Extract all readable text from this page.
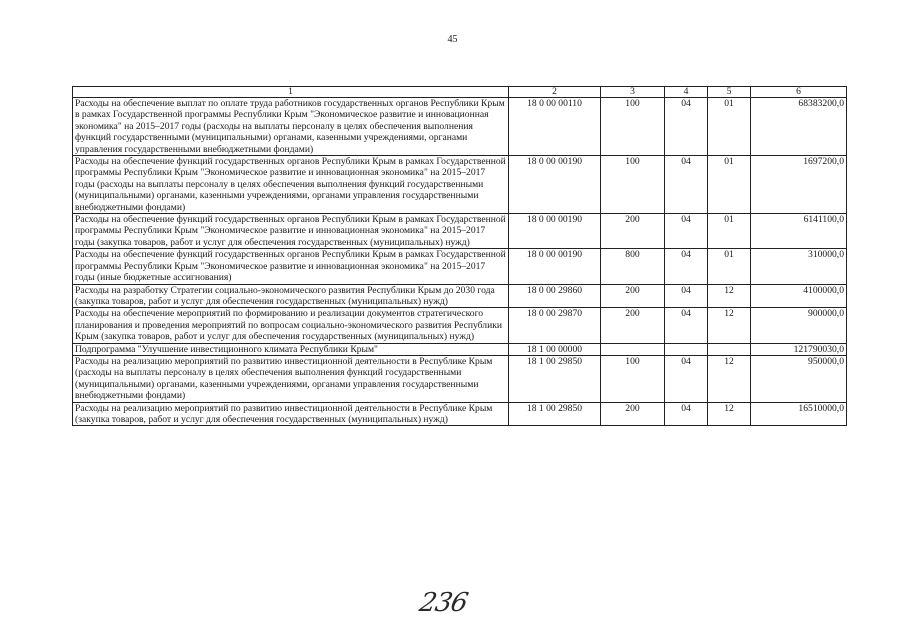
45
1	2	3	4	5	6
Расходы на обеспечение выплат по оплате труда работников государственных органов Республики Крым в рамках Государственной программы Республики Крым "Экономическое развитие и инновационная экономика" на 2015–2017 годы (расходы на выплаты персоналу в целях обеспечения выполнения функций государственными (муниципальными) органами, казенными учреждениями, органами управления государственными внебюджетными фондами)	18 0 00 00110	100	04	01	68383200,0
Расходы на обеспечение функций государственных органов Республики Крым в рамках Государственной программы Республики Крым "Экономическое развитие и инновационная экономика" на 2015–2017 годы (расходы на выплаты персоналу в целях обеспечения выполнения функций государственными (муниципальными) органами, казенными учреждениями, органами управления государственными внебюджетными фондами)	18 0 00 00190	100	04	01	1697200,0
Расходы на обеспечение функций государственных органов Республики Крым в рамках Государственной программы Республики Крым "Экономическое развитие и инновационная экономика" на 2015–2017 годы (закупка товаров, работ и услуг для обеспечения государственных (муниципальных) нужд)	18 0 00 00190	200	04	01	6141100,0
Расходы на обеспечение функций государственных органов Республики Крым в рамках Государственной программы Республики Крым "Экономическое развитие и инновационная экономика" на 2015–2017 годы (иные бюджетные ассигнования)	18 0 00 00190	800	04	01	310000,0
Расходы на разработку Стратегии социально-экономического развития Республики Крым до 2030 года (закупка товаров, работ и услуг для обеспечения государственных (муниципальных) нужд)	18 0 00 29860	200	04	12	4100000,0
Расходы на обеспечение мероприятий по формированию и реализации документов стратегического планирования и проведения мероприятий по вопросам социально-экономического развития Республики Крым (закупка товаров, работ и услуг для обеспечения государственных (муниципальных) нужд)	18 0 00 29870	200	04	12	900000,0
Подпрограмма "Улучшение инвестиционного климата Республики Крым"	18 1 00 00000				121790030,0
Расходы на реализацию мероприятий по развитию инвестиционной деятельности в Республике Крым (расходы на выплаты персоналу в целях обеспечения выполнения функций государственными (муниципальными) органами, казенными учреждениями, органами управления государственными внебюджетными фондами)	18 1 00 29850	100	04	12	950000,0
Расходы на реализацию мероприятий по развитию инвестиционной деятельности в Республике Крым (закупка товаров, работ и услуг для обеспечения государственных (муниципальных) нужд)	18 1 00 29850	200	04	12	16510000,0
236
